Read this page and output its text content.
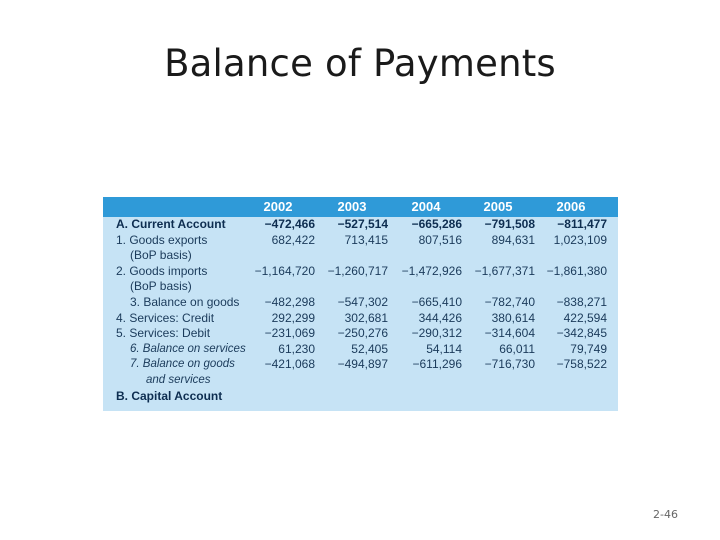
Balance of Payments
2002	2003	2004	2005	2006
A. Current Account	−472,466	−527,514	−665,286	−791,508	−811,477
1. Goods exports	682,422	713,415	807,516	894,631	1,023,109
(BoP basis)
2. Goods imports	−1,164,720	−1,260,717	−1,472,926	−1,677,371 −1,861,380
(BoP basis)
3. Balance on goods	−482,298	−547,302	−665,410	−782,740	−838,271
4. Services: Credit	292,299	302,681	344,426	380,614	422,594
5. Services: Debit	−231,069	−250,276	−290,312	−314,604	−342,845
6. Balance on services	61,230	52,405	54,114	66,011	79,749
7. Balance on goods	−421,068	−494,897	−611,296	−716,730	−758,522
and services
B. Capital Account
2-46
